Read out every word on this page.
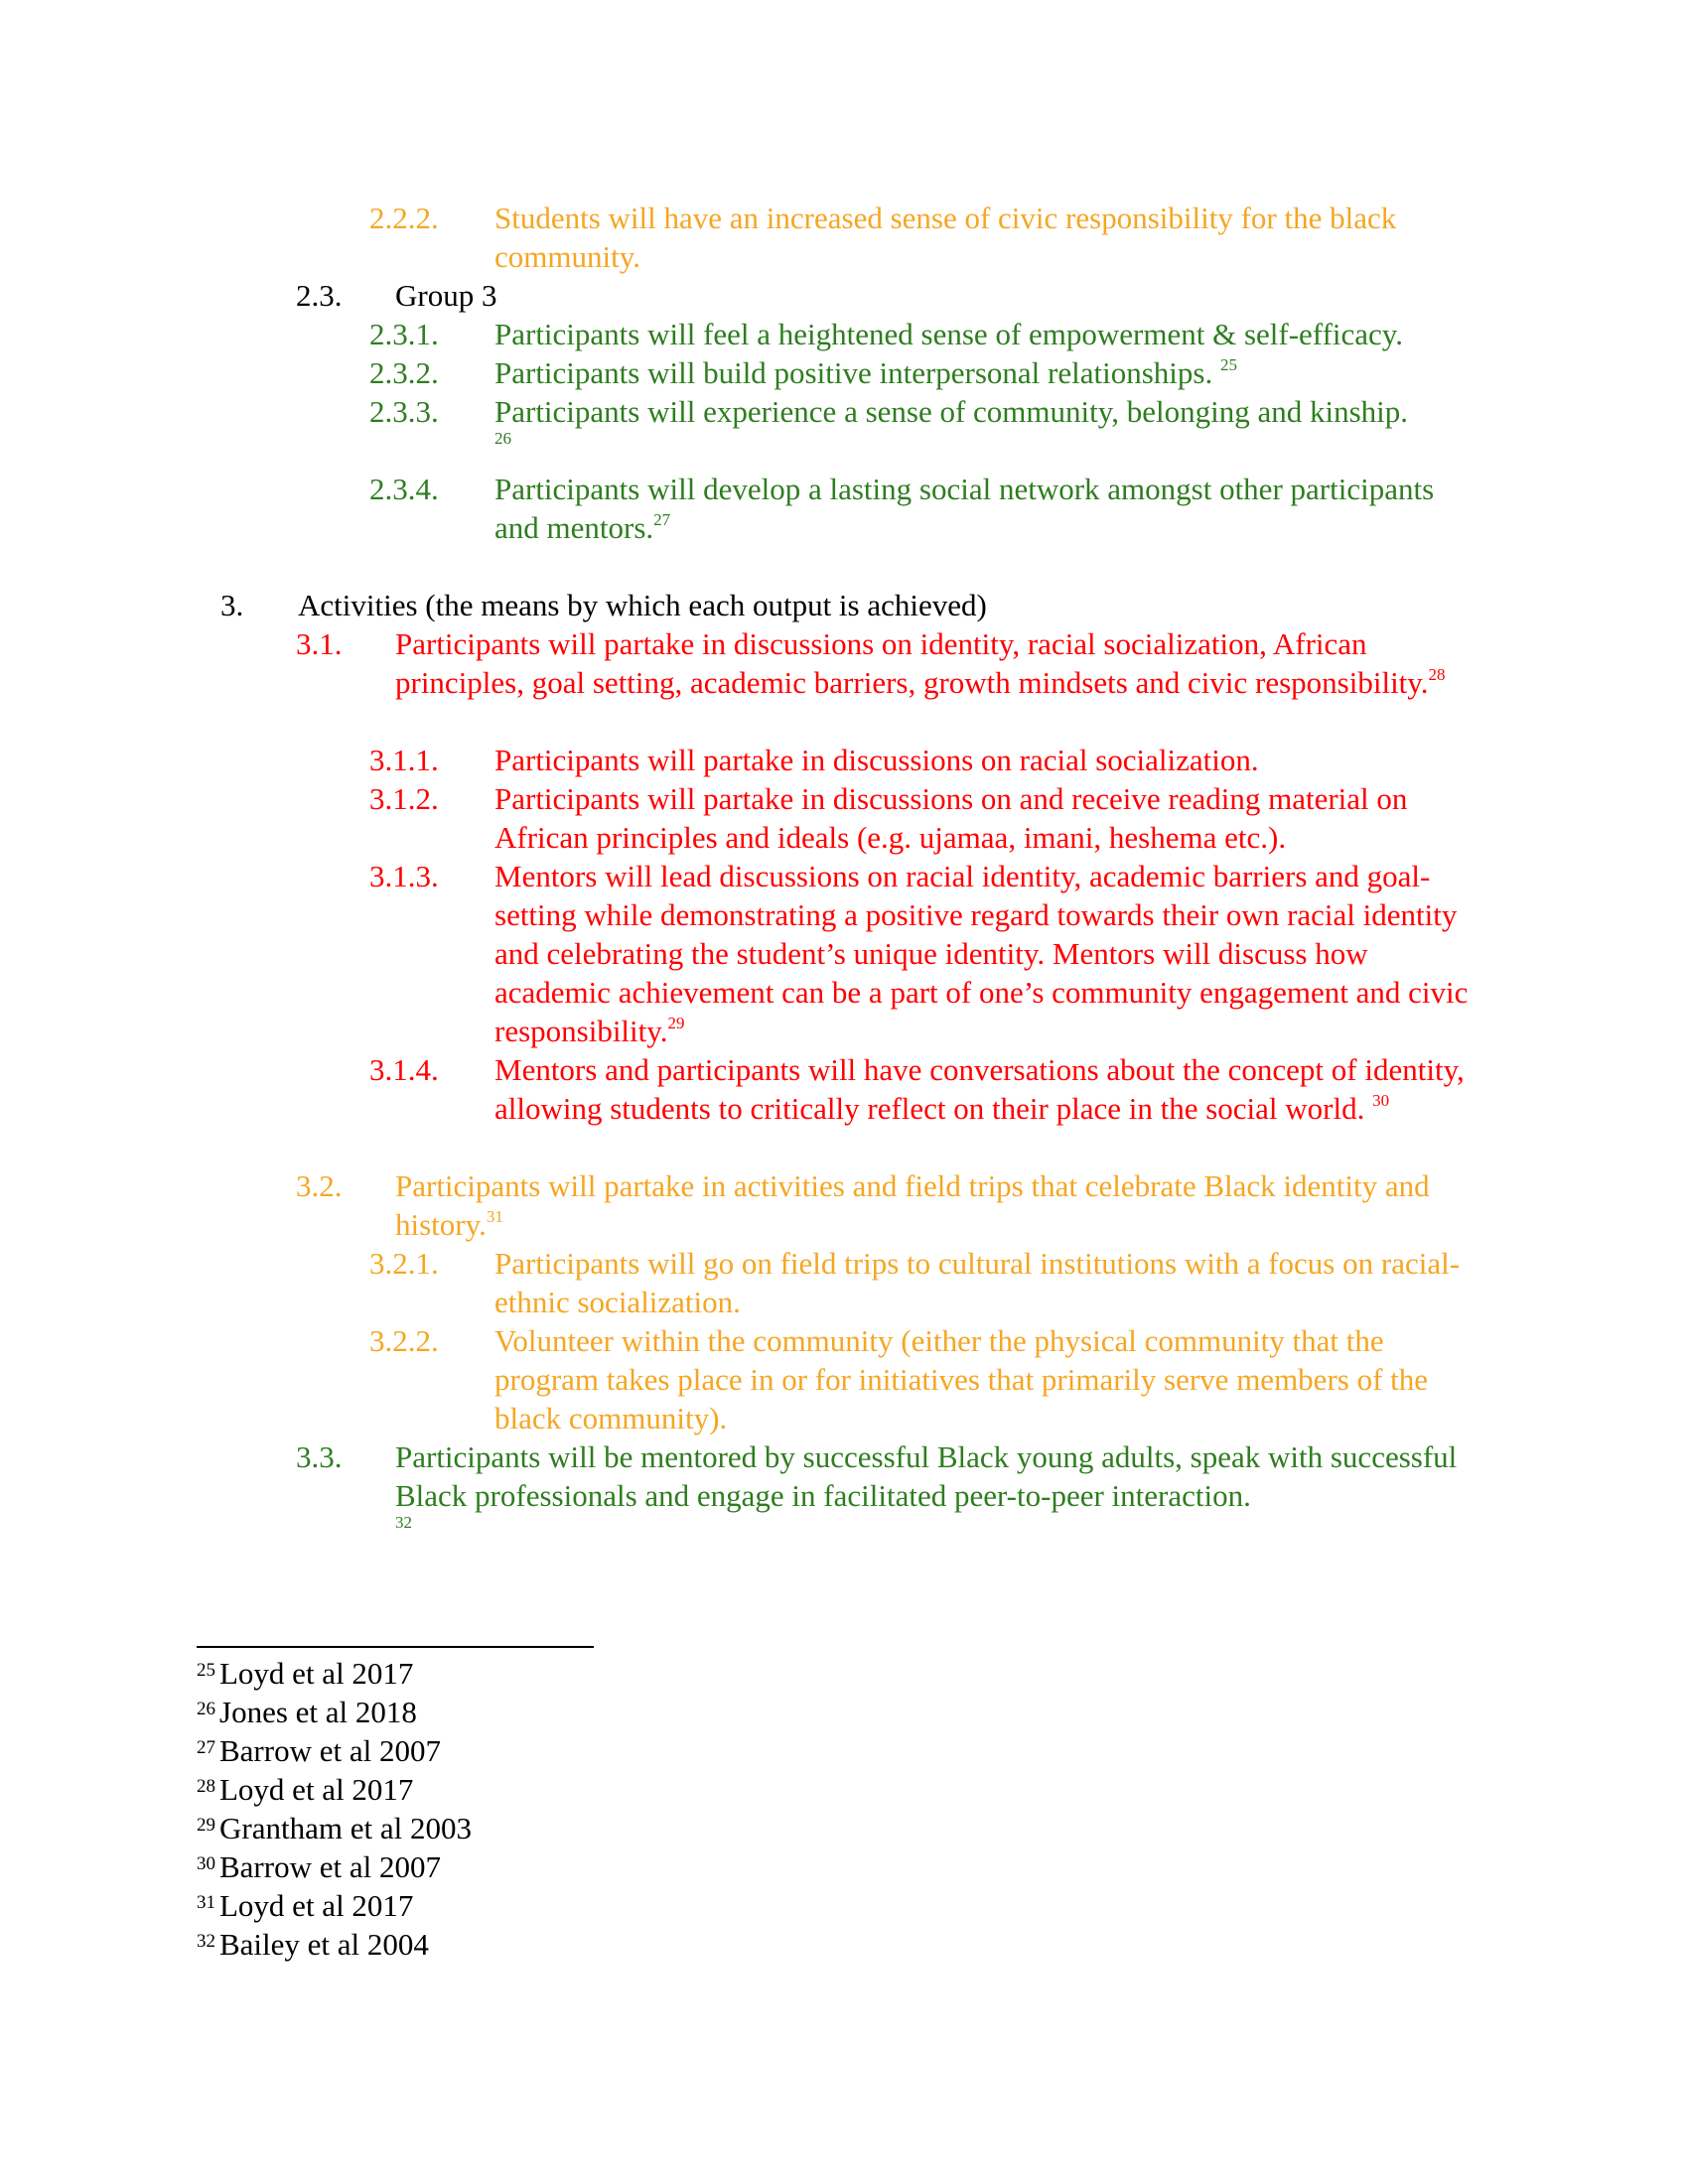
2.2.2.	Students will have an increased sense of civic responsibility for the black community.
2.3.	Group 3
2.3.1.	Participants will feel a heightened sense of empowerment & self-efficacy.
2.3.2.	Participants will build positive interpersonal relationships. $^{25}$
2.3.3.	Participants will experience a sense of community, belonging and kinship.
26
2.3.4.	Participants will develop a lasting social network amongst other participants and mentors.$^{27}$
3.	Activities (the means by which each output is achieved)
3.1.	Participants will partake in discussions on identity, racial socialization, African principles, goal setting, academic barriers, growth mindsets and civic responsibility.$^{28}$
3.1.1.	Participants will partake in discussions on racial socialization.
3.1.2.	Participants will partake in discussions on and receive reading material on African principles and ideals (e.g. ujamaa, imani, heshema etc.).
3.1.3.	Mentors will lead discussions on racial identity, academic barriers and goal-setting while demonstrating a positive regard towards their own racial identity and celebrating the student’s unique identity. Mentors will discuss how academic achievement can be a part of one’s community engagement and civic responsibility.$^{29}$
3.1.4.	Mentors and participants will have conversations about the concept of identity, allowing students to critically reflect on their place in the social world. $^{30}$
3.2.	Participants will partake in activities and field trips that celebrate Black identity and history.$^{31}$
3.2.1.	Participants will go on field trips to cultural institutions with a focus on racial-ethnic socialization.
3.2.2.	Volunteer within the community (either the physical community that the program takes place in or for initiatives that primarily serve members of the black community).
3.3.	Participants will be mentored by successful Black young adults, speak with successful Black professionals and engage in facilitated peer-to-peer interaction.
32
$^{25}$ Loyd et al 2017
$^{26}$ Jones et al 2018
$^{27}$ Barrow et al 2007
$^{28}$ Loyd et al 2017
$^{29}$ Grantham et al 2003
$^{30}$ Barrow et al 2007
$^{31}$ Loyd et al 2017
$^{32}$ Bailey et al 2004
